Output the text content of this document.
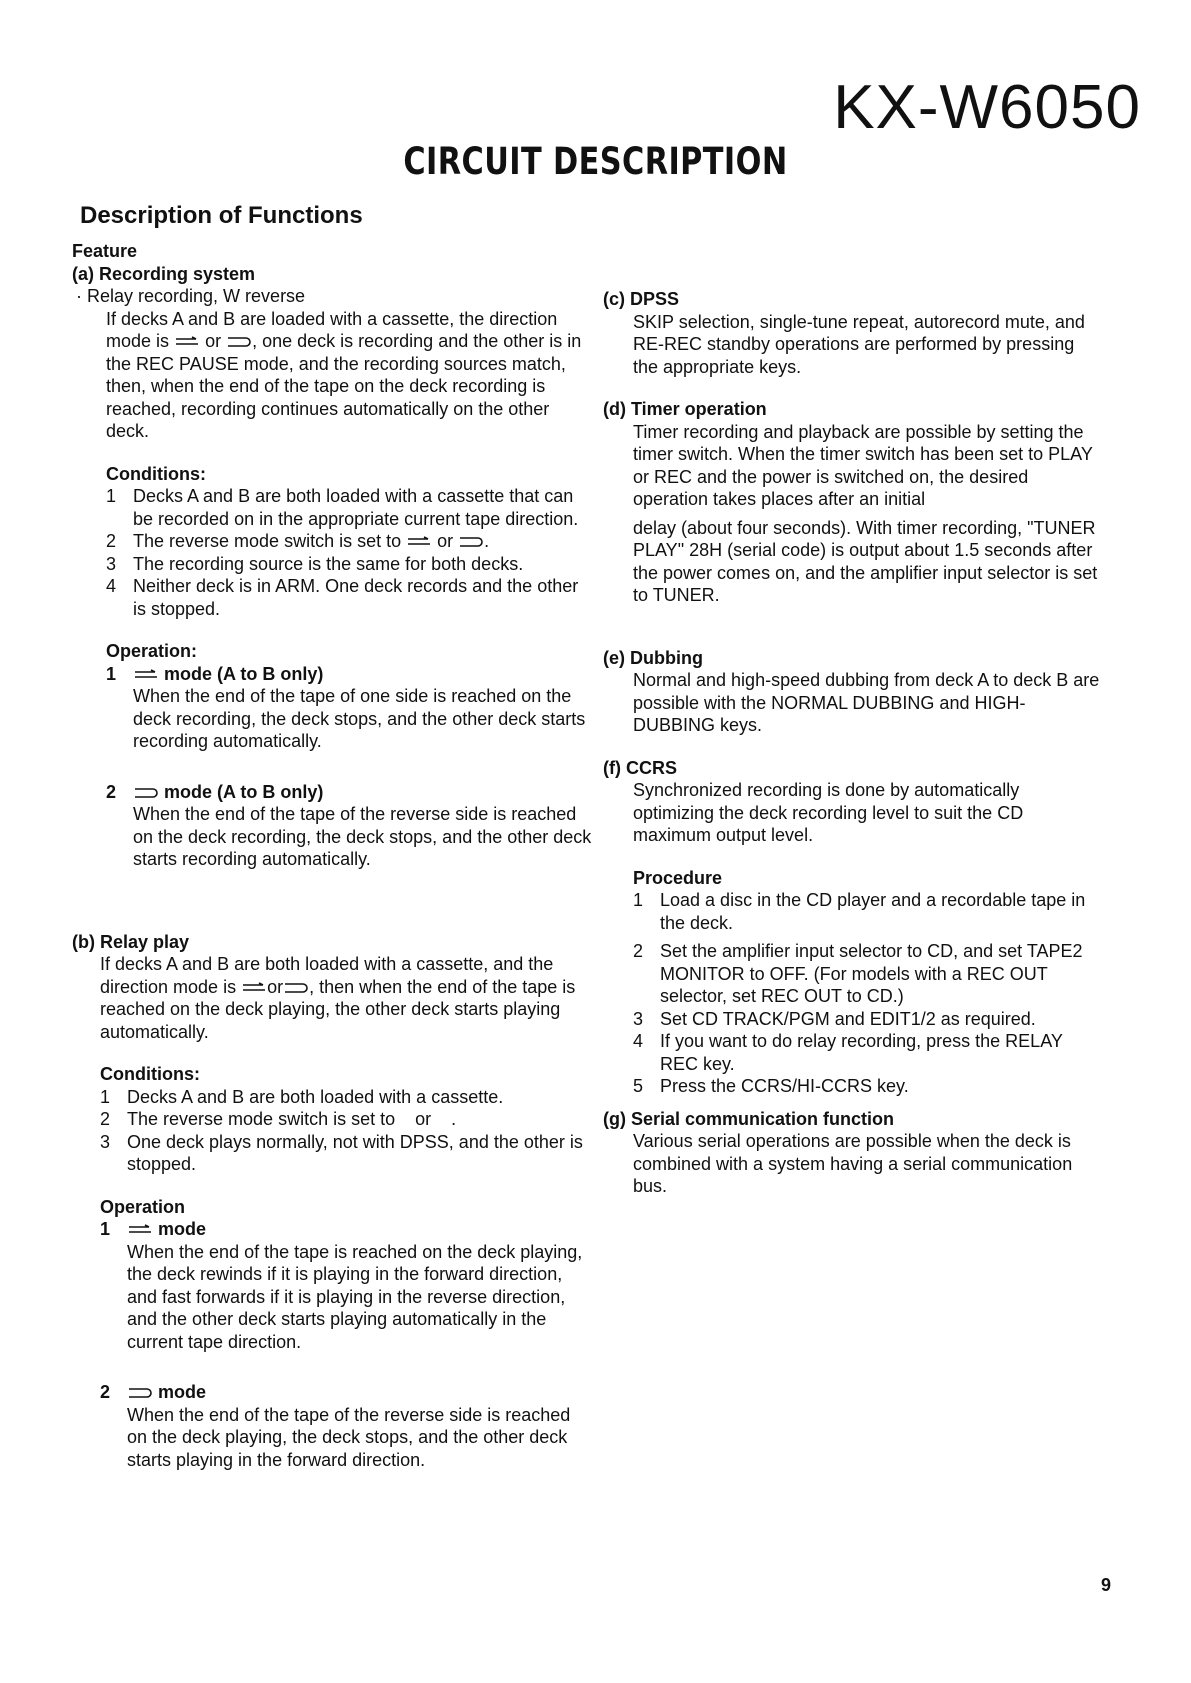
KX-W6050
CIRCUIT DESCRIPTION
Description of Functions
Feature
(a) Recording system
· Relay recording, W reverse
If decks A and B are loaded with a cassette, the direction mode is or , one deck is recording and the other is in the REC PAUSE mode, and the recording sources match, then, when the end of the tape on the deck recording is reached, recording continues automatically on the other deck.
Conditions:
1 Decks A and B are both loaded with a cassette that can be recorded on in the appropriate current tape direction.
2 The reverse mode switch is set to or .
3 The recording source is the same for both decks.
4 Neither deck is in ARM. One deck records and the other is stopped.
Operation:
1	mode (A to B only)
When the end of the tape of one side is reached on the deck recording, the deck stops, and the other deck starts recording automatically.
2	mode (A to B only)
When the end of the tape of the reverse side is reached on the deck recording, the deck stops, and the other deck starts recording automatically.
(b) Relay play
If decks A and B are both loaded with a cassette, and the direction mode is or , then when the end of the tape is reached on the deck playing, the other deck starts playing automatically.
Conditions:
1 Decks A and B are both loaded with a cassette.
2 The reverse mode switch is set to or .
3 One deck plays normally, not with DPSS, and the other is stopped.
Operation
1	mode
When the end of the tape is reached on the deck playing, the deck rewinds if it is playing in the forward direction, and fast forwards if it is playing in the reverse direction, and the other deck starts playing automatically in the current tape direction.
2	mode
When the end of the tape of the reverse side is reached on the deck playing, the deck stops, and the other deck starts playing in the forward direction.
(c) DPSS
SKIP selection, single-tune repeat, autorecord mute, and RE-REC standby operations are performed by pressing the appropriate keys.
(d) Timer operation
Timer recording and playback are possible by setting the timer switch. When the timer switch has been set to PLAY or REC and the power is switched on, the desired operation takes places after an initial
delay (about four seconds). With timer recording, "TUNER PLAY" 28H (serial code) is output about 1.5 seconds after the power comes on, and the amplifier input selector is set to TUNER.
(e) Dubbing
Normal and high-speed dubbing from deck A to deck B are possible with the NORMAL DUBBING and HIGH-DUBBING keys.
(f) CCRS
Synchronized recording is done by automatically optimizing the deck recording level to suit the CD maximum output level.
Procedure
1 Load a disc in the CD player and a recordable tape in the deck.
2 Set the amplifier input selector to CD, and set TAPE2 MONITOR to OFF. (For models with a REC OUT selector, set REC OUT to CD.)
3 Set CD TRACK/PGM and EDIT1/2 as required.
4 If you want to do relay recording, press the RELAY REC key.
5 Press the CCRS/HI-CCRS key.
(g) Serial communication function
Various serial operations are possible when the deck is combined with a system having a serial communication bus.
9
